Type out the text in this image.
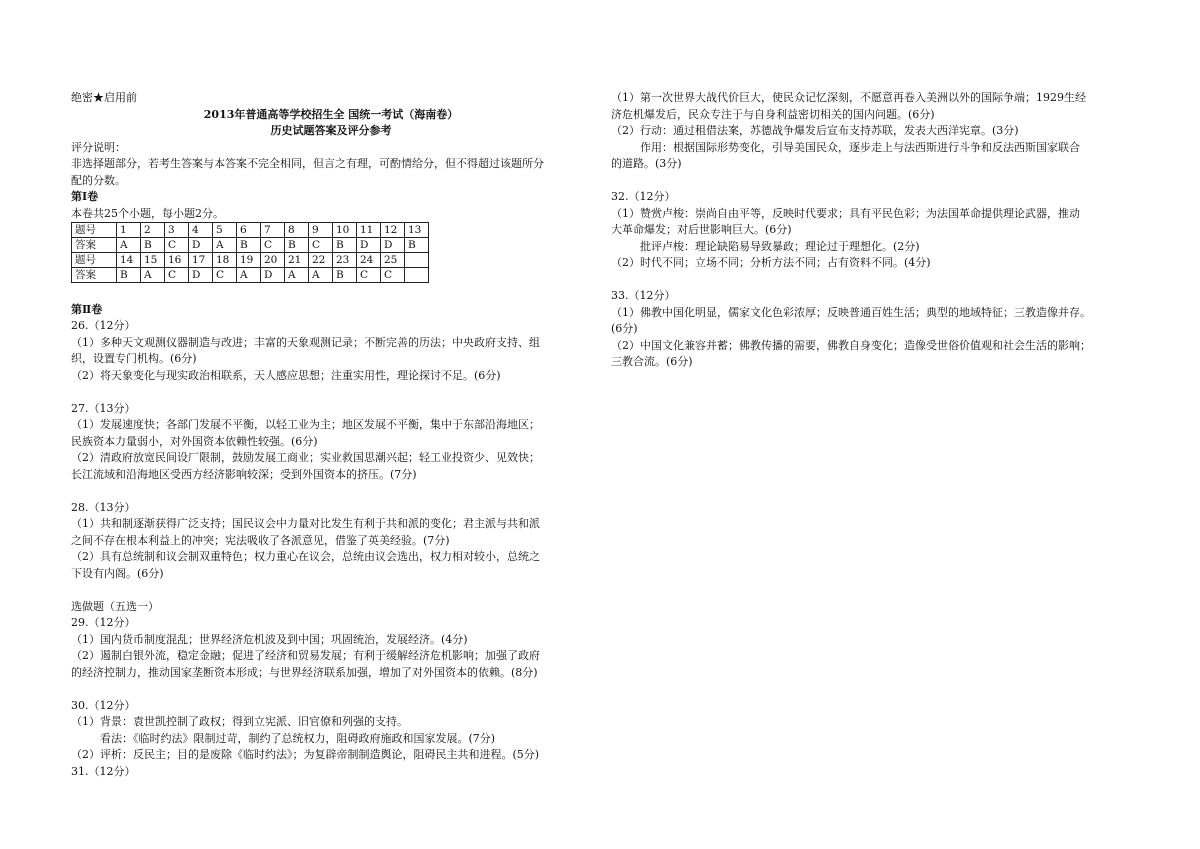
绝密★启用前

2013年普通高等学校招生全 国统一考试（海南卷）

历史试题答案及评分参考

评分说明：

非选择题部分，若考生答案与本答案不完全相同，但言之有理，可酌情给分，但不得超过该题所分

配的分数。

第Ⅰ卷

本卷共25个小题，每小题2分。

题号	1	2	3	4	5	6	7	8	9	10	11	12	13
答案	A	B	C	D	A	B	C	B	C	B	D	D	B
题号	14	15	16	17	18	19	20	21	22	23	24	25	
答案	B	A	C	D	C	A	D	A	A	B	C	C	

第Ⅱ卷

26.（12分）

（1）多种天文观测仪器制造与改进；丰富的天象观测记录；不断完善的历法；中央政府支持、组

织，设置专门机构。(6分)

（2）将天象变化与现实政治相联系，天人感应思想；注重实用性，理论探讨不足。(6分)

27.（13分）

（1）发展速度快；各部门发展不平衡，以轻工业为主；地区发展不平衡，集中于东部沿海地区；

民族资本力量弱小，对外国资本依赖性较强。(6分)

（2）清政府放宽民间设厂限制，鼓励发展工商业；实业救国思潮兴起；轻工业投资少、见效快；

长江流域和沿海地区受西方经济影响较深；受到外国资本的挤压。(7分)

28.（13分）

（1）共和制逐渐获得广泛支持；国民议会中力量对比发生有利于共和派的变化；君主派与共和派

之间不存在根本利益上的冲突；宪法吸收了各派意见，借鉴了英美经验。(7分)

（2）具有总统制和议会制双重特色；权力重心在议会，总统由议会选出，权力相对较小，总统之

下设有内阁。(6分)

选做题（五选一）

29.（12分）

（1）国内货币制度混乱；世界经济危机波及到中国；巩固统治，发展经济。(4分)

（2）遏制白银外流，稳定金融；促进了经济和贸易发展；有利于缓解经济危机影响；加强了政府

的经济控制力，推动国家垄断资本形成；与世界经济联系加强，增加了对外国资本的依赖。(8分)

30.（12分）

（1）背景：袁世凯控制了政权；得到立宪派、旧官僚和列强的支持。

看法：《临时约法》限制过苛，制约了总统权力，阻碍政府施政和国家发展。(7分)

（2）评析：反民主；目的是废除《临时约法》；为复辟帝制制造舆论，阻碍民主共和进程。(5分)

31.（12分）

（1）第一次世界大战代价巨大，使民众记忆深刻，不愿意再卷入美洲以外的国际争端；1929生经

济危机爆发后，民众专注于与自身利益密切相关的国内问题。(6分)

（2）行动：通过租借法案，苏德战争爆发后宣布支持苏联，发表大西洋宪章。(3分)

作用：根据国际形势变化，引导美国民众，逐步走上与法西斯进行斗争和反法西斯国家联合

的道路。(3分)

32.（12分）

（1）赞赏卢梭：崇尚自由平等，反映时代要求；具有平民色彩；为法国革命提供理论武器，推动

大革命爆发；对后世影响巨大。(6分)

批评卢梭：理论缺陷易导致暴政；理论过于理想化。(2分)

（2）时代不同；立场不同；分析方法不同；占有资料不同。(4分)

33.（12分）

（1）佛教中国化明显，儒家文化色彩浓厚；反映普通百姓生活；典型的地域特征；三教造像并存。

(6分)

（2）中国文化兼容并蓄；佛教传播的需要，佛教自身变化；造像受世俗价值观和社会生活的影响；

三教合流。(6分)
